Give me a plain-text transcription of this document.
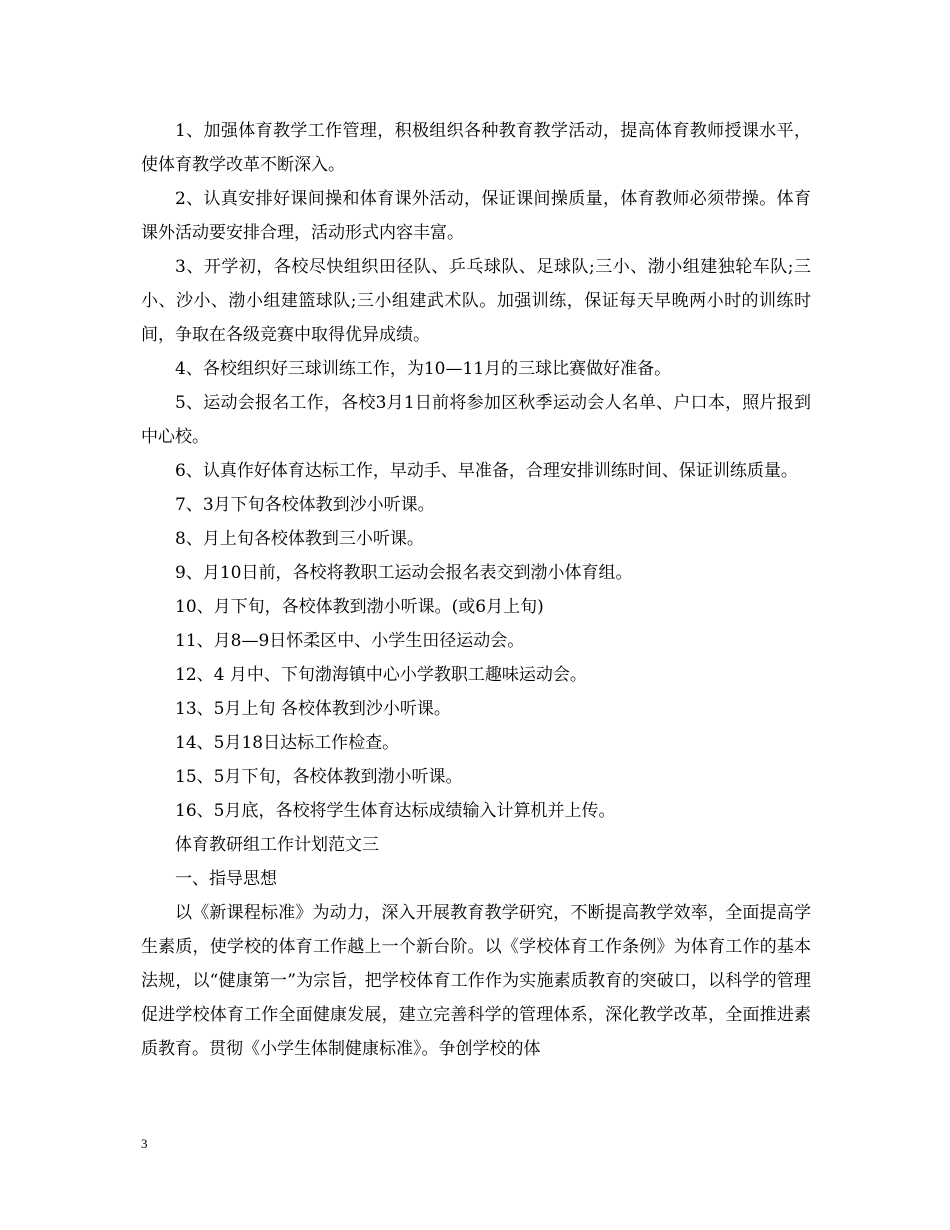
1、加强体育教学工作管理，积极组织各种教育教学活动，提高体育教师授课水平，使体育教学改革不断深入。

2、认真安排好课间操和体育课外活动，保证课间操质量，体育教师必须带操。体育课外活动要安排合理，活动形式内容丰富。

3、开学初，各校尽快组织田径队、乒乓球队、足球队;三小、渤小组建独轮车队;三小、沙小、渤小组建篮球队;三小组建武术队。加强训练，保证每天早晚两小时的训练时间，争取在各级竞赛中取得优异成绩。

4、各校组织好三球训练工作，为10—11月的三球比赛做好准备。

5、运动会报名工作，各校3月1日前将参加区秋季运动会人名单、户口本，照片报到中心校。

6、认真作好体育达标工作，早动手、早准备，合理安排训练时间、保证训练质量。

7、3月下旬各校体教到沙小听课。

8、月上旬各校体教到三小听课。

9、月10日前，各校将教职工运动会报名表交到渤小体育组。

10、月下旬，各校体教到渤小听课。(或6月上旬)

11、月8—9日怀柔区中、小学生田径运动会。

12、4 月中、下旬渤海镇中心小学教职工趣味运动会。

13、5月上旬 各校体教到沙小听课。

14、5月18日达标工作检查。

15、5月下旬，各校体教到渤小听课。

16、5月底，各校将学生体育达标成绩输入计算机并上传。

体育教研组工作计划范文三

一、指导思想

以《新课程标准》为动力，深入开展教育教学研究，不断提高教学效率，全面提高学生素质，使学校的体育工作越上一个新台阶。以《学校体育工作条例》为体育工作的基本法规，以“健康第一”为宗旨，把学校体育工作作为实施素质教育的突破口，以科学的管理促进学校体育工作全面健康发展，建立完善科学的管理体系，深化教学改革，全面推进素质教育。贯彻《小学生体制健康标准》。争创学校的体

3
